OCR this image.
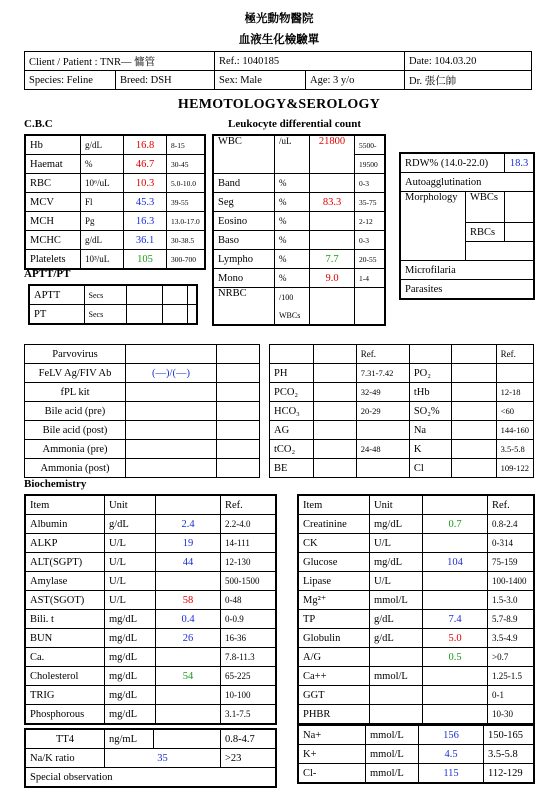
極光動物醫院
血液生化檢驗單
Client / Patient : TNR— 慵管		Ref.: 1040185		Date: 104.03.20
Species: Feline	Breed: DSH	Sex: Male	Age: 3 y/o	Dr. 張仁帥
HEMOTOLOGY&SEROLOGY
C.B.C
Hb	g/dL	16.8	8-15
Haemat	%	46.7	30-45
RBC	10⁶/uL	10.3	5.0-10.0
MCV	Fl	45.3	39-55
MCH	Pg	16.3	13.0-17.0
MCHC	g/dL	36.1	30-38.5
Platelets	10³/uL	105	300-700
APTT/PT
APTT	Secs			
PT	Secs			
Leukocyte differential count
WBC	/uL	21800	5500-
			19500
Band	%		0-3
Seg	%	83.3	35-75
Eosino	%		2-12
Baso	%		0-3
Lympho	%	7.7	20-55
Mono	%	9.0	1-4
NRBC	/100		
	WBCs		
RDW% (14.0-22.0)		18.3
Autoagglutination		
Morphology	WBCs	
	RBCs	

Microfilaria		
Parasites		
Parvovirus		
FeLV Ag/FIV Ab	(—)/(—)	
fPL kit		
Bile acid (pre)		
Bile acid (post)		
Ammonia (pre)		
Ammonia (post)		
		Ref.			Ref.
PH		7.31-7.42	PO₂		
PCO₂		32-49	tHb		12-18
HCO₃		20-29	SO₂%		<60
AG			Na		144-160
tCO₂		24-48	K		3.5-5.8
BE			Cl		109-122
Biochemistry
Item	Unit		Ref.
Albumin	g/dL	2.4	2.2-4.0
ALKP	U/L	19	14-111
ALT(SGPT)	U/L	44	12-130
Amylase	U/L		500-1500
AST(SGOT)	U/L	58	0-48
Bili. t	mg/dL	0.4	0-0.9
BUN	mg/dL	26	16-36
Ca.	mg/dL		7.8-11.3
Cholesterol	mg/dL	54	65-225
TRIG	mg/dL		10-100
Phosphorous	mg/dL		3.1-7.5
Item	Unit		Ref.
Creatinine	mg/dL	0.7	0.8-2.4
CK	U/L		0-314
Glucose	mg/dL	104	75-159
Lipase	U/L		100-1400
Mg²⁺	mmol/L		1.5-3.0
TP	g/dL	7.4	5.7-8.9
Globulin	g/dL	5.0	3.5-4.9
A/G		0.5	>0.7
Ca++	mmol/L		1.25-1.5
GGT			0-1
PHBR			10-30
TT4	ng/mL		0.8-4.7
Na/K ratio	35		>23
Special observation			
Na+	mmol/L	156	150-165
K+	mmol/L	4.5	3.5-5.8
Cl-	mmol/L	115	112-129
